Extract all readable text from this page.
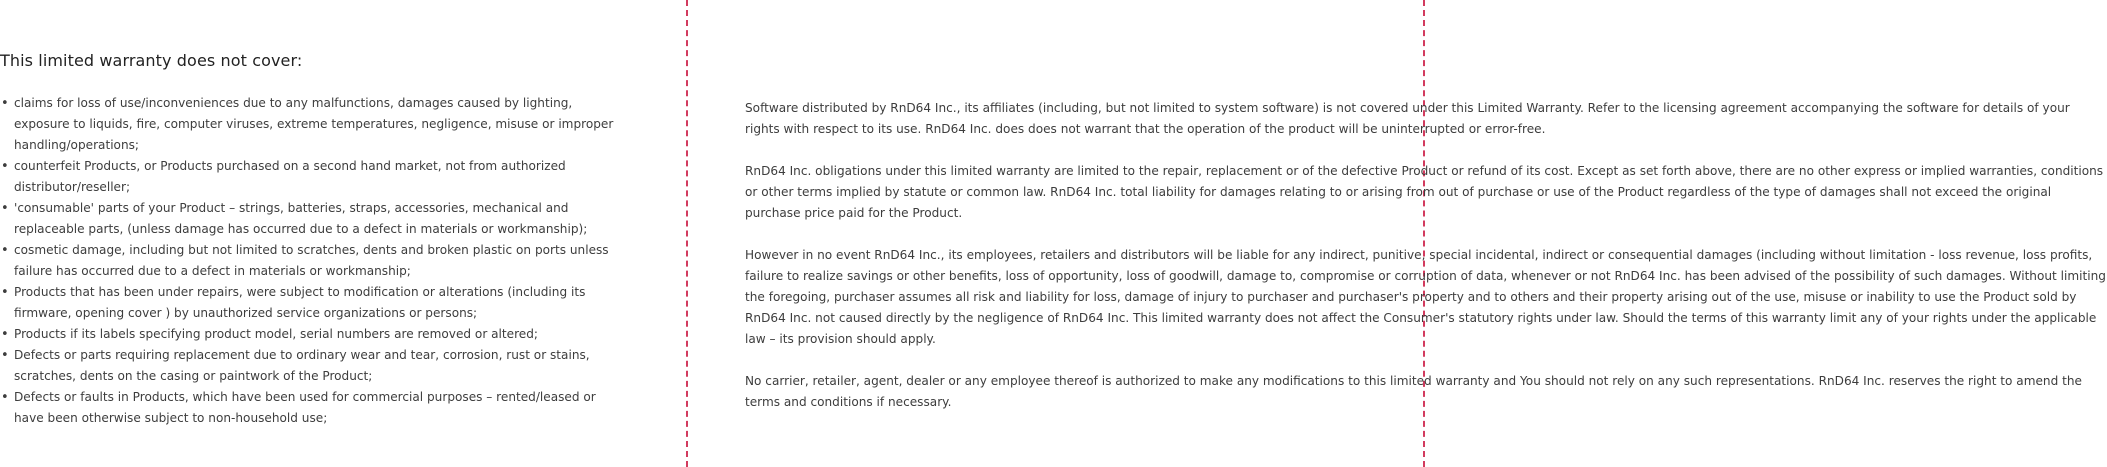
This limited warranty does not cover:
• claims for loss of use/inconveniences due to any malfunctions, damages caused by lighting, exposure to liquids, fire, computer viruses, extreme temperatures, negligence, misuse or improper handling/operations;
• counterfeit Products, or Products purchased on a second hand market, not from authorized distributor/reseller;
• 'consumable' parts of your Product – strings, batteries, straps, accessories, mechanical and replaceable parts, (unless damage has occurred due to a defect in materials or workmanship);
• cosmetic damage, including but not limited to scratches, dents and broken plastic on ports unless failure has occurred due to a defect in materials or workmanship;
• Products that has been under repairs, were subject to modification or alterations (including its firmware, opening cover ) by unauthorized service organizations or persons;
• Products if its labels specifying product model, serial numbers are removed or altered;
• Defects or parts requiring replacement due to ordinary wear and tear, corrosion, rust or stains, scratches, dents on the casing or paintwork of the Product;
• Defects or faults in Products, which have been used for commercial purposes – rented/leased or have been otherwise subject to non-household use;

Software distributed by RnD64 Inc., its affiliates (including, but not limited to system software) is not covered under this Limited Warranty. Refer to the licensing agreement accompanying the software for details of your rights with respect to its use. RnD64 Inc. does does not warrant that the operation of the product will be uninterrupted or error-free.

RnD64 Inc. obligations under this limited warranty are limited to the repair, replacement or of the defective Product or refund of its cost. Except as set forth above, there are no other express or implied warranties, conditions or other terms implied by statute or common law. RnD64 Inc. total liability for damages relating to or arising from out of purchase or use of the Product regardless of the type of damages shall not exceed the original purchase price paid for the Product.

However in no event RnD64 Inc., its employees, retailers and distributors will be liable for any indirect, punitive, special incidental, indirect or consequential damages (including without limitation - loss revenue, loss profits, failure to realize savings or other benefits, loss of opportunity, loss of goodwill, damage to, compromise or corruption of data, whenever or not RnD64 Inc. has been advised of the possibility of such damages. Without limiting the foregoing, purchaser assumes all risk and liability for loss, damage of injury to purchaser and purchaser's property and to others and their property arising out of the use, misuse or inability to use the Product sold by RnD64 Inc. not caused directly by the negligence of RnD64 Inc. This limited warranty does not affect the Consumer's statutory rights under law. Should the terms of this warranty limit any of your rights under the applicable law – its provision should apply.

No carrier, retailer, agent, dealer or any employee thereof is authorized to make any modifications to this limited warranty and You should not rely on any such representations. RnD64 Inc. reserves the right to amend the terms and conditions if necessary.
